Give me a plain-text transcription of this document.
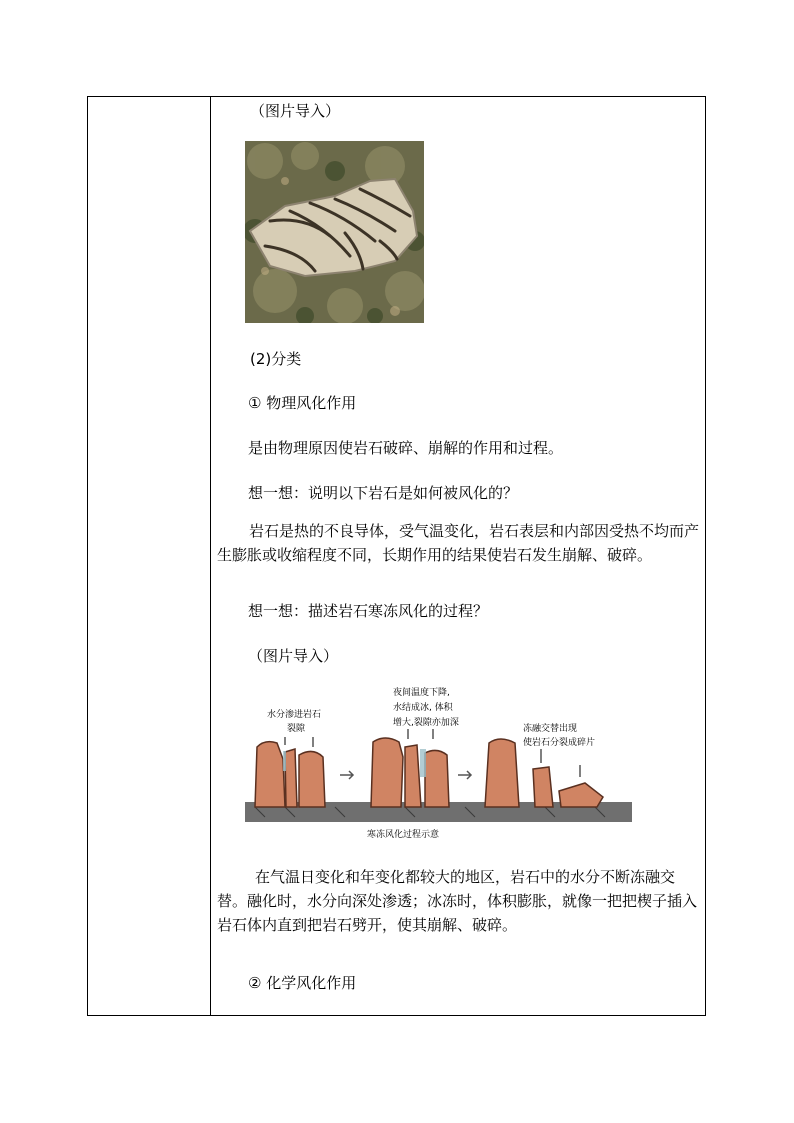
（图片导入）
(2)分类
① 物理风化作用
是由物理原因使岩石破碎、崩解的作用和过程。
想一想：说明以下岩石是如何被风化的？
岩石是热的不良导体，受气温变化，岩石表层和内部因受热不均而产生膨胀或收缩程度不同，长期作用的结果使岩石发生崩解、破碎。
想一想：描述岩石寒冻风化的过程？
（图片导入）
水分渗进岩石
裂隙
夜间温度下降,
水结成冰, 体积
增大,裂隙亦加深
冻融交替出现
使岩石分裂成碎片
寒冻风化过程示意
在气温日变化和年变化都较大的地区，岩石中的水分不断冻融交替。融化时，水分向深处渗透；冰冻时，体积膨胀，就像一把把楔子插入岩石体内直到把岩石劈开，使其崩解、破碎。
② 化学风化作用
